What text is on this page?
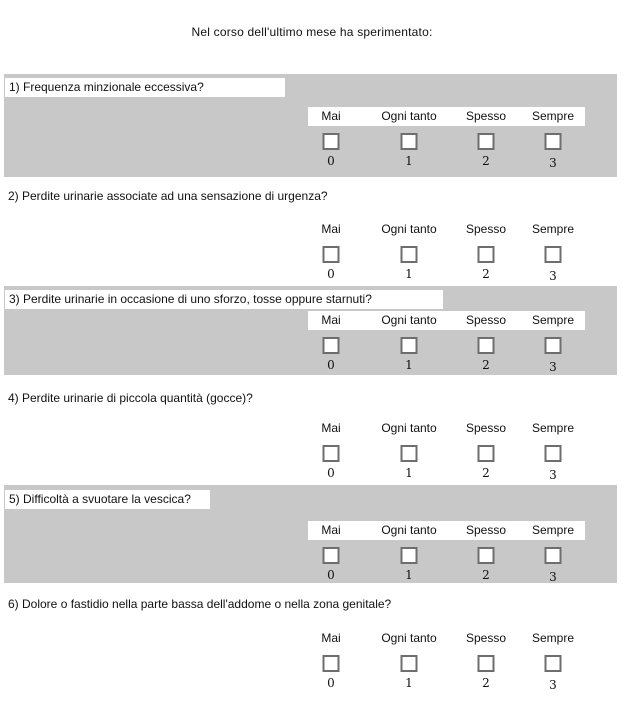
Nel corso dell'ultimo mese ha sperimentato:
1) Frequenza minzionale eccessiva?
Mai	Ogni tanto Spesso Sempre
0	1	2	3
2) Perdite urinarie associate ad una sensazione di urgenza?
Mai	Ogni tanto Spesso Sempre
0	1	2	3
3) Perdite urinarie in occasione di uno sforzo, tosse oppure starnuti?
Mai	Ogni tanto Spesso Sempre
0	1	2	3
4) Perdite urinarie di piccola quantità (gocce)?
Mai	Ogni tanto Spesso Sempre
0	1	2	3
5) Difficoltà a svuotare la vescica?
Mai	Ogni tanto Spesso Sempre
0	1	2	3
6) Dolore o fastidio nella parte bassa dell'addome o nella zona genitale?
Mai	Ogni tanto Spesso Sempre
0	1	2	3
